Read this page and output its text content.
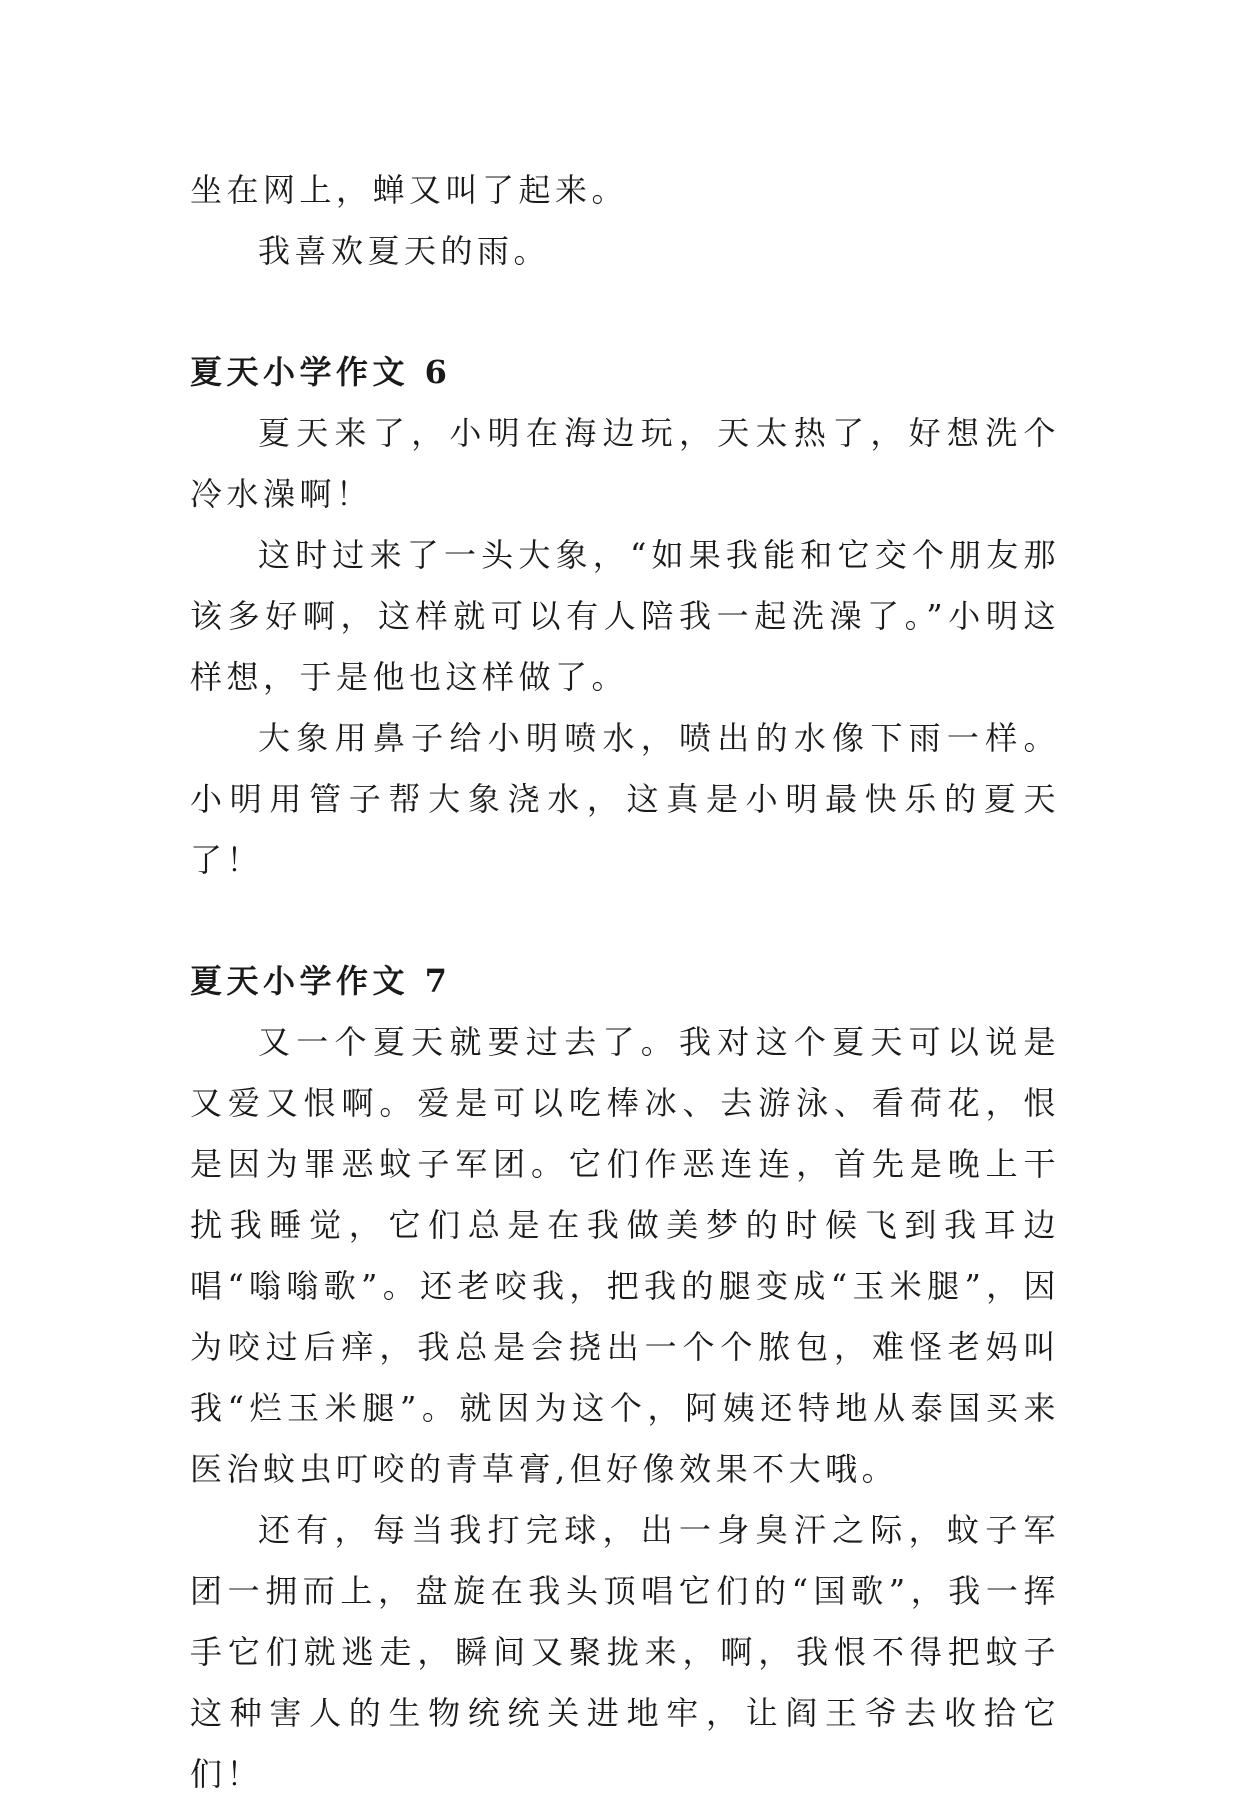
坐在网上，蝉又叫了起来。

我喜欢夏天的雨。

夏天小学作文 6

夏天来了，小明在海边玩，天太热了，好想洗个冷水澡啊！

这时过来了一头大象，“如果我能和它交个朋友那该多好啊，这样就可以有人陪我一起洗澡了。”小明这样想，于是他也这样做了。

大象用鼻子给小明喷水，喷出的水像下雨一样。小明用管子帮大象浇水，这真是小明最快乐的夏天了！

夏天小学作文 7

又一个夏天就要过去了。我对这个夏天可以说是又爱又恨啊。爱是可以吃棒冰、去游泳、看荷花，恨是因为罪恶蚊子军团。它们作恶连连，首先是晚上干扰我睡觉，它们总是在我做美梦的时候飞到我耳边唱“嗡嗡歌”。还老咬我，把我的腿变成“玉米腿”，因为咬过后痒，我总是会挠出一个个脓包，难怪老妈叫我“烂玉米腿”。就因为这个，阿姨还特地从泰国买来医治蚊虫叮咬的青草膏,但好像效果不大哦。

还有，每当我打完球，出一身臭汗之际，蚊子军团一拥而上，盘旋在我头顶唱它们的“国歌”，我一挥手它们就逃走，瞬间又聚拢来，啊，我恨不得把蚊子这种害人的生物统统关进地牢，让阎王爷去收拾它们！
